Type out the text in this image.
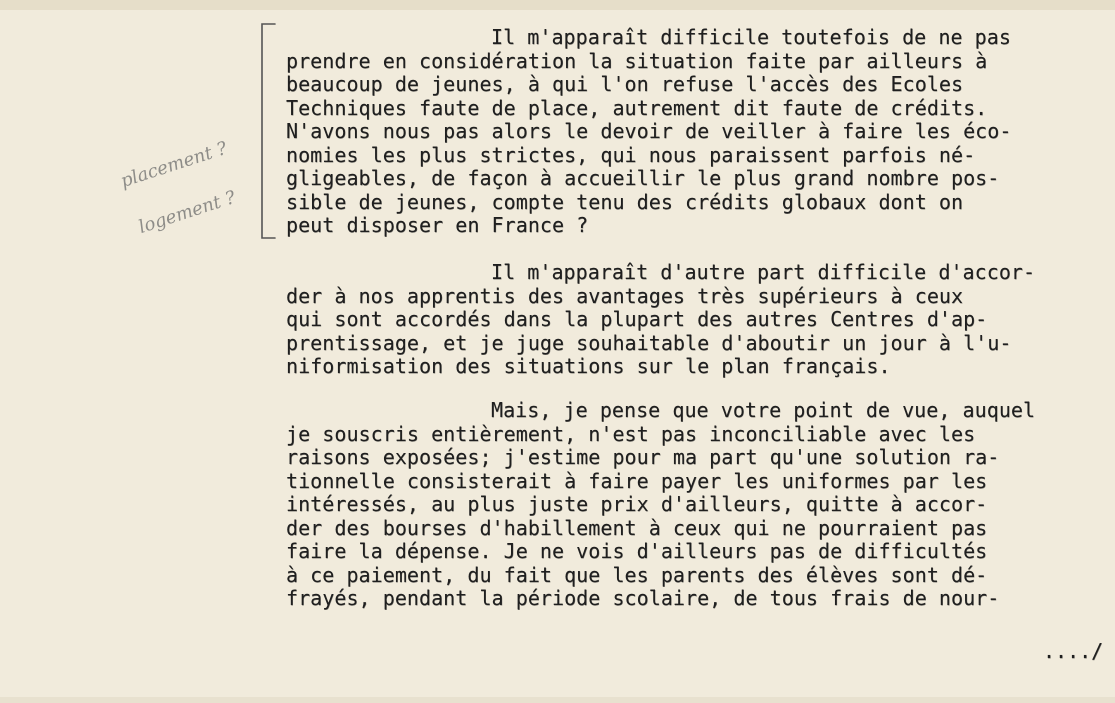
placement ?
logement ?
Il m'apparaît difficile toutefois de ne pas
prendre en considération la situation faite par ailleurs à
beaucoup de jeunes, à qui l'on refuse l'accès des Ecoles
Techniques faute de place, autrement dit faute de crédits.
N'avons nous pas alors le devoir de veiller à faire les éco-
nomies les plus strictes, qui nous paraissent parfois né-
gligeables, de façon à accueillir le plus grand nombre pos-
sible de jeunes, compte tenu des crédits globaux dont on
peut disposer en France ?
Il m'apparaît d'autre part difficile d'accor-
der à nos apprentis des avantages très supérieurs à ceux
qui sont accordés dans la plupart des autres Centres d'ap-
prentissage, et je juge souhaitable d'aboutir un jour à l'u-
niformisation des situations sur le plan français.
Mais, je pense que votre point de vue, auquel
je souscris entièrement, n'est pas inconciliable avec les
raisons exposées; j'estime pour ma part qu'une solution ra-
tionnelle consisterait à faire payer les uniformes par les
intéressés, au plus juste prix d'ailleurs, quitte à accor-
der des bourses d'habillement à ceux qui ne pourraient pas
faire la dépense. Je ne vois d'ailleurs pas de difficultés
à ce paiement, du fait que les parents des élèves sont dé-
frayés, pendant la période scolaire, de tous frais de nour-
..../
